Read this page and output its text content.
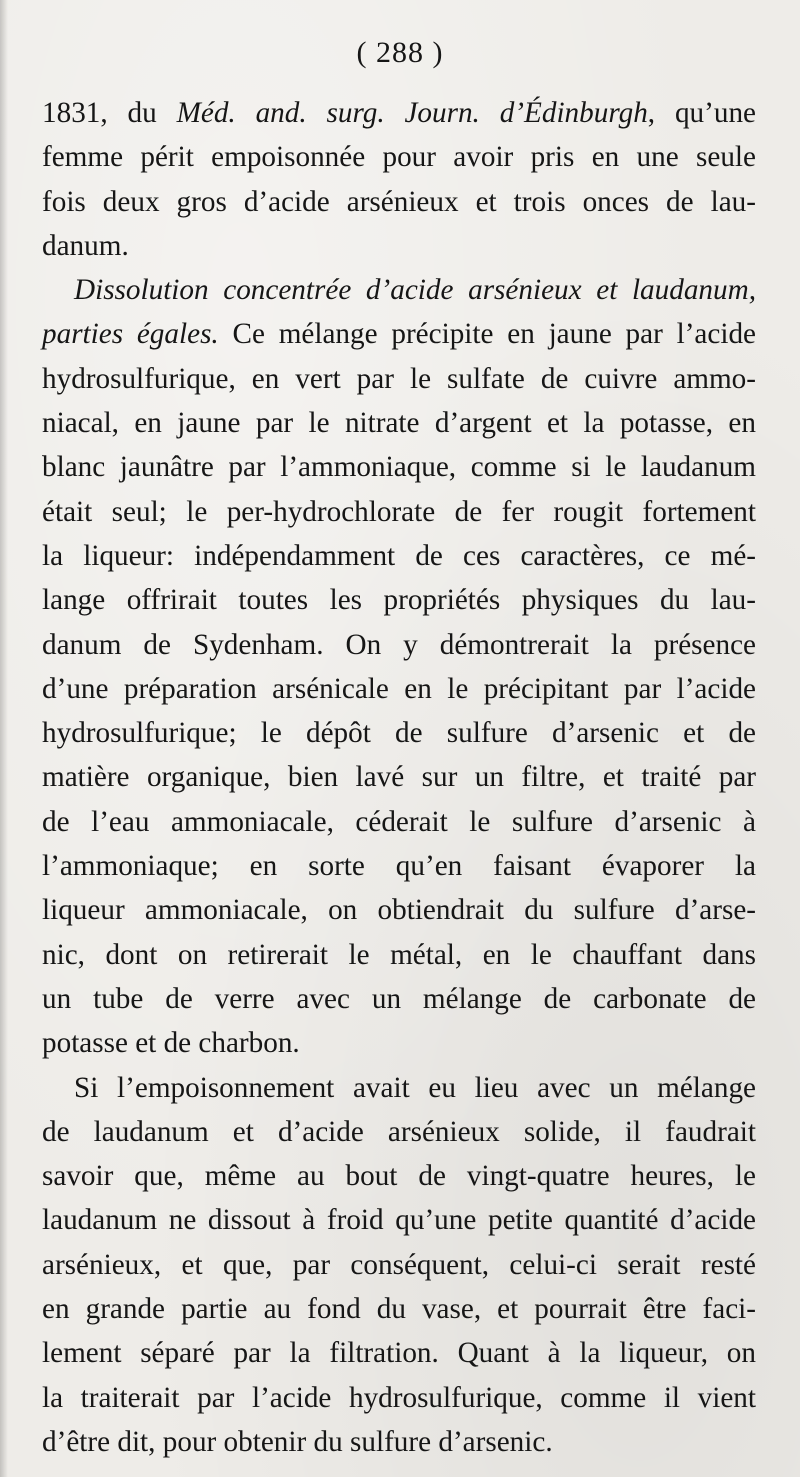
( 288 )
1831, du Méd. and. surg. Journ. d’Édinburgh, qu’une
femme périt empoisonnée pour avoir pris en une seule
fois deux gros d’acide arsénieux et trois onces de lau-
danum.
Dissolution concentrée d’acide arsénieux et laudanum,
parties égales. Ce mélange précipite en jaune par l’acide
hydrosulfurique, en vert par le sulfate de cuivre ammo-
niacal, en jaune par le nitrate d’argent et la potasse, en
blanc jaunâtre par l’ammoniaque, comme si le laudanum
était seul; le per-hydrochlorate de fer rougit fortement
la liqueur: indépendamment de ces caractères, ce mé-
lange offrirait toutes les propriétés physiques du lau-
danum de Sydenham. On y démontrerait la présence
d’une préparation arsénicale en le précipitant par l’acide
hydrosulfurique; le dépôt de sulfure d’arsenic et de
matière organique, bien lavé sur un filtre, et traité par
de l’eau ammoniacale, céderait le sulfure d’arsenic à
l’ammoniaque; en sorte qu’en faisant évaporer la
liqueur ammoniacale, on obtiendrait du sulfure d’arse-
nic, dont on retirerait le métal, en le chauffant dans
un tube de verre avec un mélange de carbonate de
potasse et de charbon.
Si l’empoisonnement avait eu lieu avec un mélange
de laudanum et d’acide arsénieux solide, il faudrait
savoir que, même au bout de vingt-quatre heures, le
laudanum ne dissout à froid qu’une petite quantité d’acide
arsénieux, et que, par conséquent, celui-ci serait resté
en grande partie au fond du vase, et pourrait être faci-
lement séparé par la filtration. Quant à la liqueur, on
la traiterait par l’acide hydrosulfurique, comme il vient
d’être dit, pour obtenir du sulfure d’arsenic.
